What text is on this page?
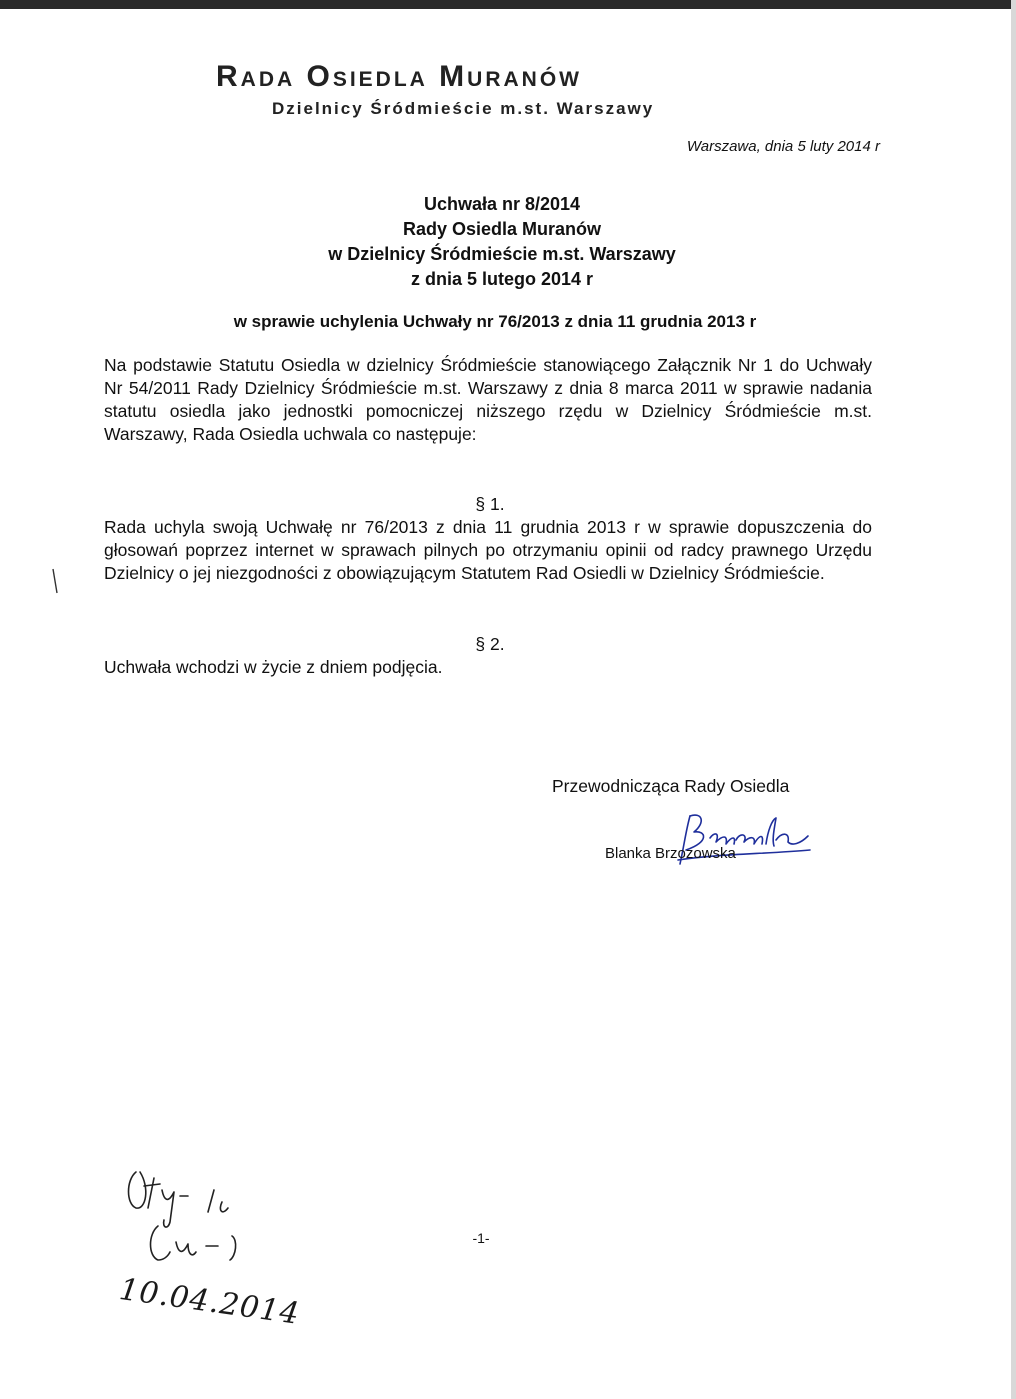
Rada Osiedla Muranów
Dzielnicy Śródmieście m.st. Warszawy
Warszawa, dnia 5 luty 2014 r
Uchwała nr 8/2014
Rady Osiedla Muranów
w Dzielnicy Śródmieście m.st. Warszawy
z dnia 5 lutego 2014 r
w sprawie uchylenia Uchwały nr 76/2013 z dnia 11 grudnia 2013 r
Na podstawie Statutu Osiedla w dzielnicy Śródmieście stanowiącego Załącznik Nr 1 do Uchwały Nr 54/2011 Rady Dzielnicy Śródmieście m.st. Warszawy z dnia 8 marca 2011 w sprawie nadania statutu osiedla jako jednostki pomocniczej niższego rzędu w Dzielnicy Śródmieście m.st. Warszawy, Rada Osiedla uchwala co następuje:
§ 1.
Rada uchyla swoją Uchwałę nr 76/2013 z dnia 11 grudnia 2013 r w sprawie dopuszczenia do głosowań poprzez internet w sprawach pilnych po otrzymaniu opinii od radcy prawnego Urzędu Dzielnicy o jej niezgodności z obowiązującym Statutem Rad Osiedli w Dzielnicy Śródmieście.
§ 2.
Uchwała wchodzi w życie z dniem podjęcia.
Przewodnicząca Rady Osiedla
Blanka Brzozowska
10.04.2014
-1-
